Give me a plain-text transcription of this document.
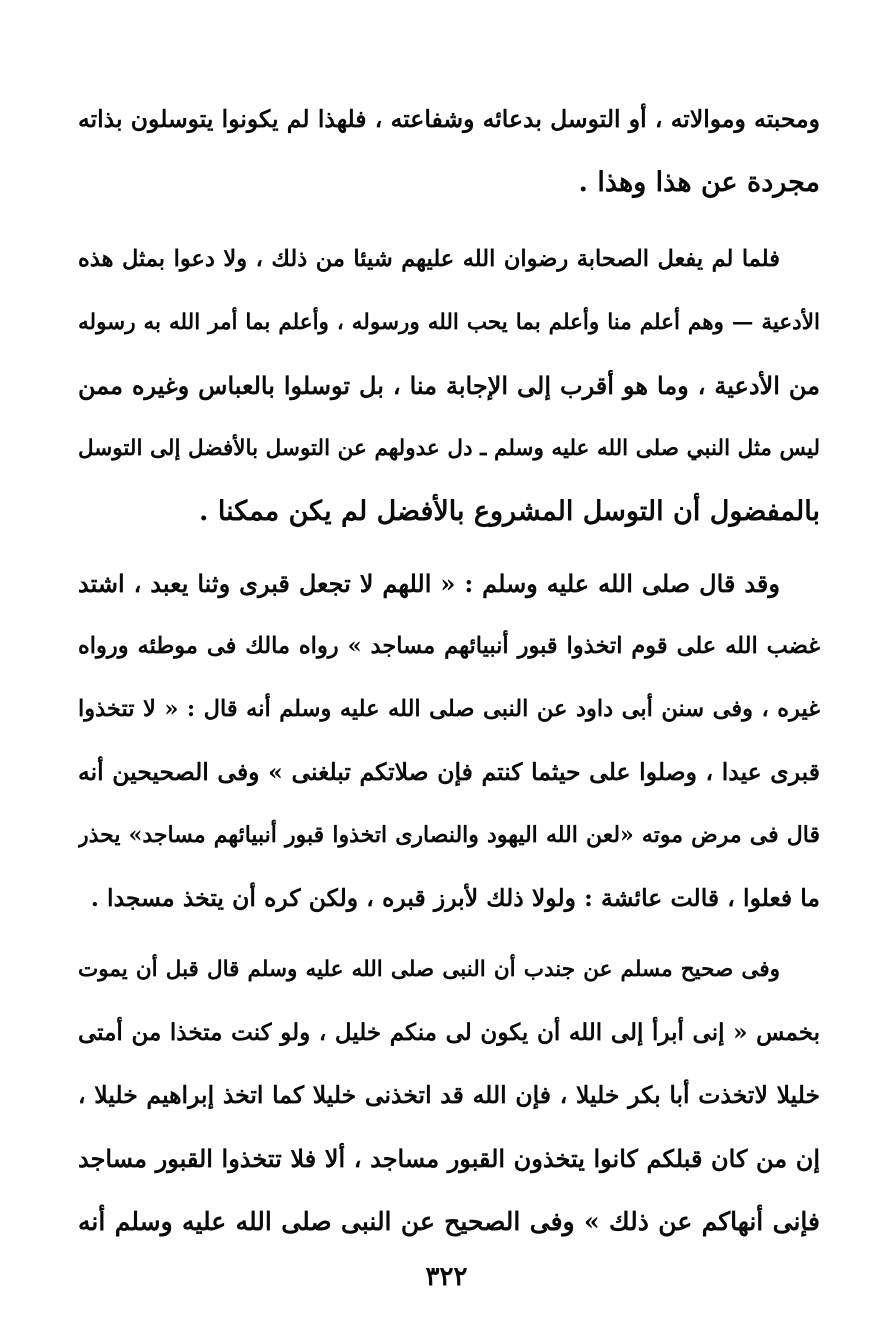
ومحبته وموالاته ، أو التوسل بدعائه وشفاعته ، فلهذا لم يكونوا يتوسلون بذاته
مجردة عن هذا وهذا .
فلما لم يفعل الصحابة رضوان الله عليهم شيئا من ذلك ، ولا دعوا بمثل هذه
الأدعية — وهم أعلم منا وأعلم بما يحب الله ورسوله ، وأعلم بما أمر الله به رسوله
من الأدعية ، وما هو أقرب إلى الإجابة منا ، بل توسلوا بالعباس وغيره ممن
ليس مثل النبي صلى الله عليه وسلم ـ دل عدولهم عن التوسل بالأفضل إلى التوسل
بالمفضول أن التوسل المشروع بالأفضل لم يكن ممكنا .
وقد قال صلى الله عليه وسلم : « اللهم لا تجعل قبرى وثنا يعبد ، اشتد
غضب الله على قوم اتخذوا قبور أنبيائهم مساجد » رواه مالك فى موطئه ورواه
غيره ، وفى سنن أبى داود عن النبى صلى الله عليه وسلم أنه قال : « لا تتخذوا
قبرى عيدا ، وصلوا على حيثما كنتم فإن صلاتكم تبلغنى » وفى الصحيحين أنه
قال فى مرض موته «لعن الله اليهود والنصارى اتخذوا قبور أنبيائهم مساجد» يحذر
ما فعلوا ، قالت عائشة : ولولا ذلك لأبرز قبره ، ولكن كره أن يتخذ مسجدا .
وفى صحيح مسلم عن جندب أن النبى صلى الله عليه وسلم قال قبل أن يموت
بخمس « إنى أبرأ إلى الله أن يكون لى منكم خليل ، ولو كنت متخذا من أمتى
خليلا لاتخذت أبا بكر خليلا ، فإن الله قد اتخذنى خليلا كما اتخذ إبراهيم خليلا ،
إن من كان قبلكم كانوا يتخذون القبور مساجد ، ألا فلا تتخذوا القبور مساجد
فإنى أنهاكم عن ذلك » وفى الصحيح عن النبى صلى الله عليه وسلم أنه
٣٢٢
